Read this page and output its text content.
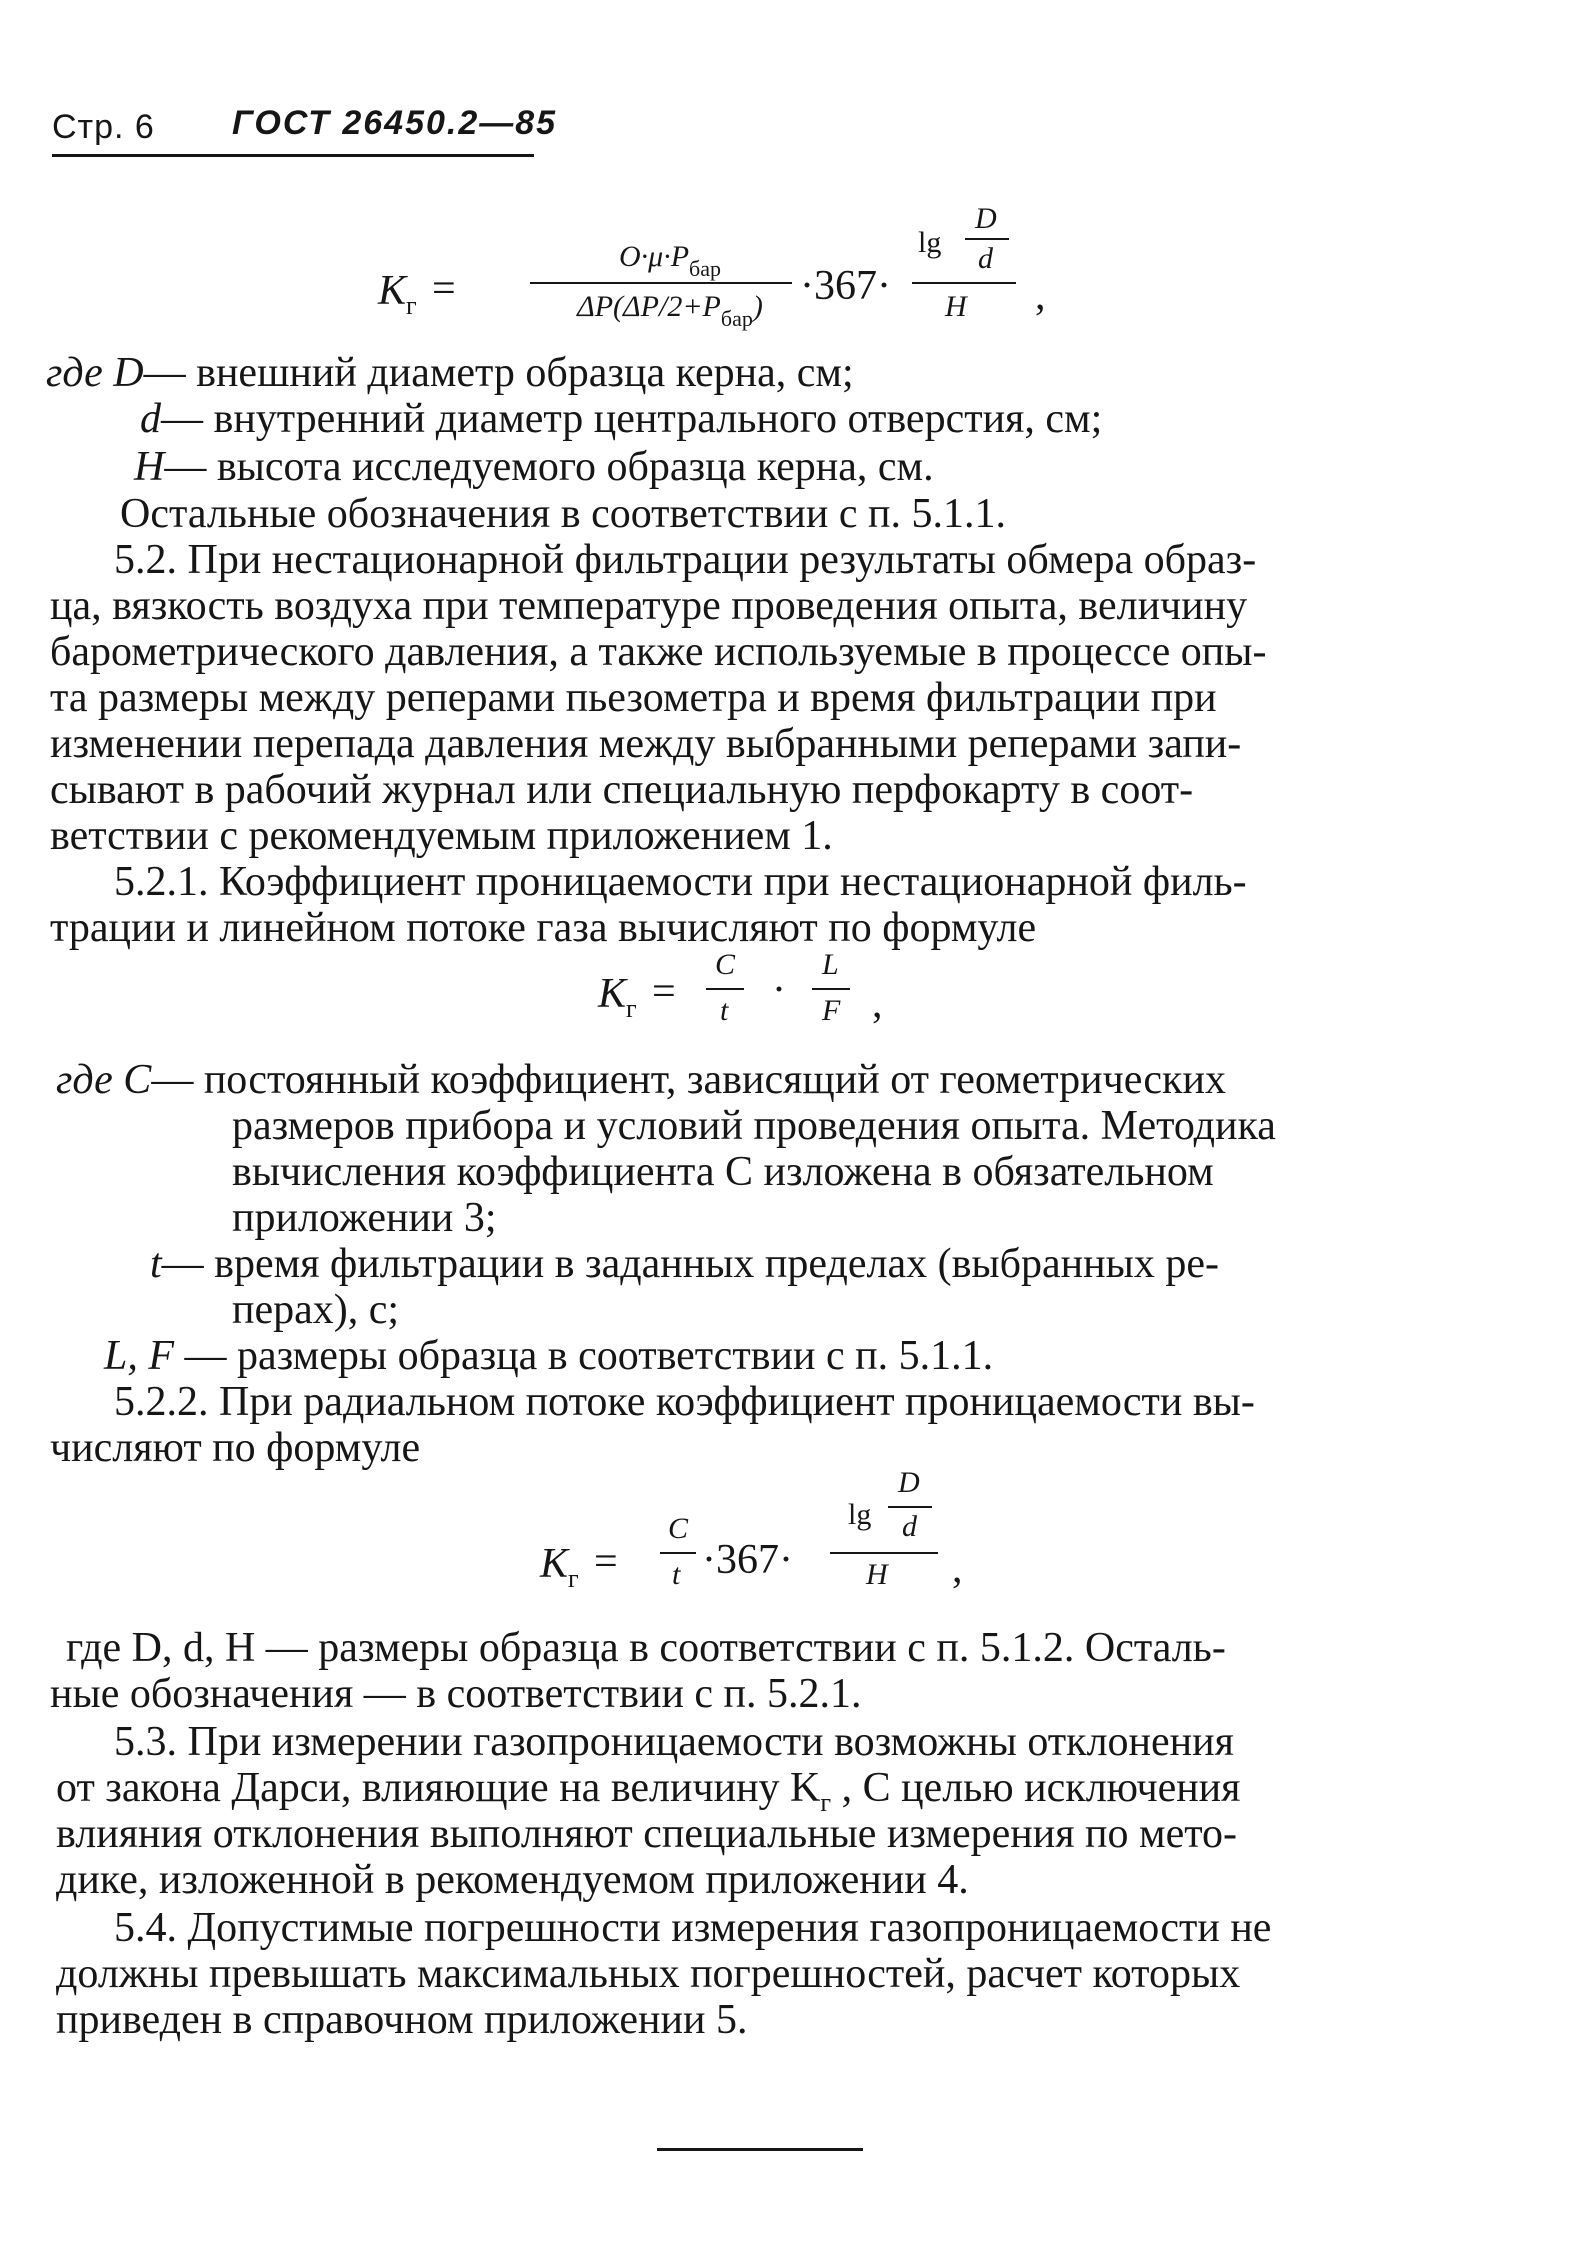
Стр. 6 ГОСТ 26450.2—85
$K_г$ =
$O\cdot\mu\cdot P_{бар}$
$\Delta P(\Delta P/2+P_{бар}) \cdot 367\cdot$
lg
D
d
H ,
где D— внешний диаметр образца керна, см;
d— внутренний диаметр центрального отверстия, см;
H— высота исследуемого образца керна, см.
Остальные обозначения в соответствии с п. 5.1.1.
5.2. При нестационарной фильтрации результаты обмера образ-
ца, вязкость воздуха при температуре проведения опыта, величину
барометрического давления, а также используемые в процессе опы-
та размеры между реперами пьезометра и время фильтрации при
изменении перепада давления между выбранными реперами запи-
сывают в рабочий журнал или специальную перфокарту в соот-
ветствии с рекомендуемым приложением 1.
5.2.1. Коэффициент проницаемости при нестационарной филь-
трации и линейном потоке газа вычисляют по формуле
$K_г$ =
C
t ·
L
F ,
где C— постоянный коэффициент, зависящий от геометрических
размеров прибора и условий проведения опыта. Методика
вычисления коэффициента C изложена в обязательном
приложении 3;
t— время фильтрации в заданных пределах (выбранных ре-
перах), с;
L, F — размеры образца в соответствии с п. 5.1.1.
5.2.2. При радиальном потоке коэффициент проницаемости вы-
числяют по формуле
$K_г$ =
C
t ·367·
lg
D
d
H ,
где D, d, H — размеры образца в соответствии с п. 5.1.2. Осталь-
ные обозначения — в соответствии с п. 5.2.1.
5.3. При измерении газопроницаемости возможны отклонения
от закона Дарси, влияющие на величину $K_г$ , С целью исключения
влияния отклонения выполняют специальные измерения по мето-
дике, изложенной в рекомендуемом приложении 4.
5.4. Допустимые погрешности измерения газопроницаемости не
должны превышать максимальных погрешностей, расчет которых
приведен в справочном приложении 5.
